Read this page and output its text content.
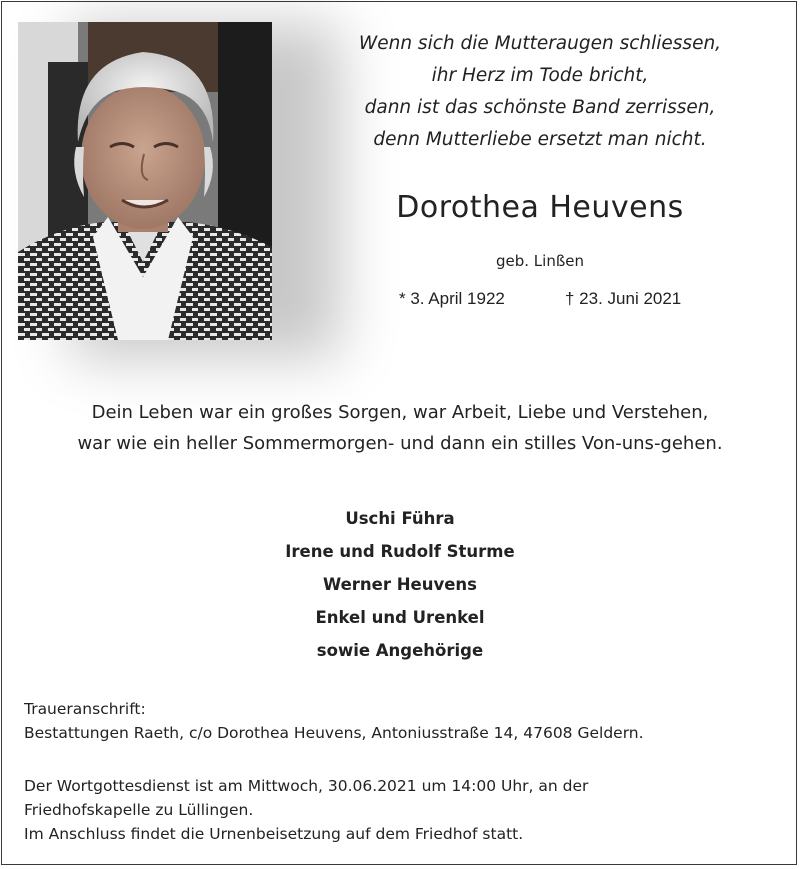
Wenn sich die Mutteraugen schliessen,
ihr Herz im Tode bricht,
dann ist das schönste Band zerrissen,
denn Mutterliebe ersetzt man nicht.
Dorothea Heuvens
geb. Linßen
* 3. April 1922	† 23. Juni 2021
Dein Leben war ein großes Sorgen, war Arbeit, Liebe und Verstehen,
war wie ein heller Sommermorgen- und dann ein stilles Von-uns-gehen.
Uschi Führa
Irene und Rudolf Sturme
Werner Heuvens
Enkel und Urenkel
sowie Angehörige
Traueranschrift:
Bestattungen Raeth, c/o Dorothea Heuvens, Antoniusstraße 14, 47608 Geldern.
Der Wortgottesdienst ist am Mittwoch, 30.06.2021 um 14:00 Uhr, an der
Friedhofskapelle zu Lüllingen.
Im Anschluss findet die Urnenbeisetzung auf dem Friedhof statt.
